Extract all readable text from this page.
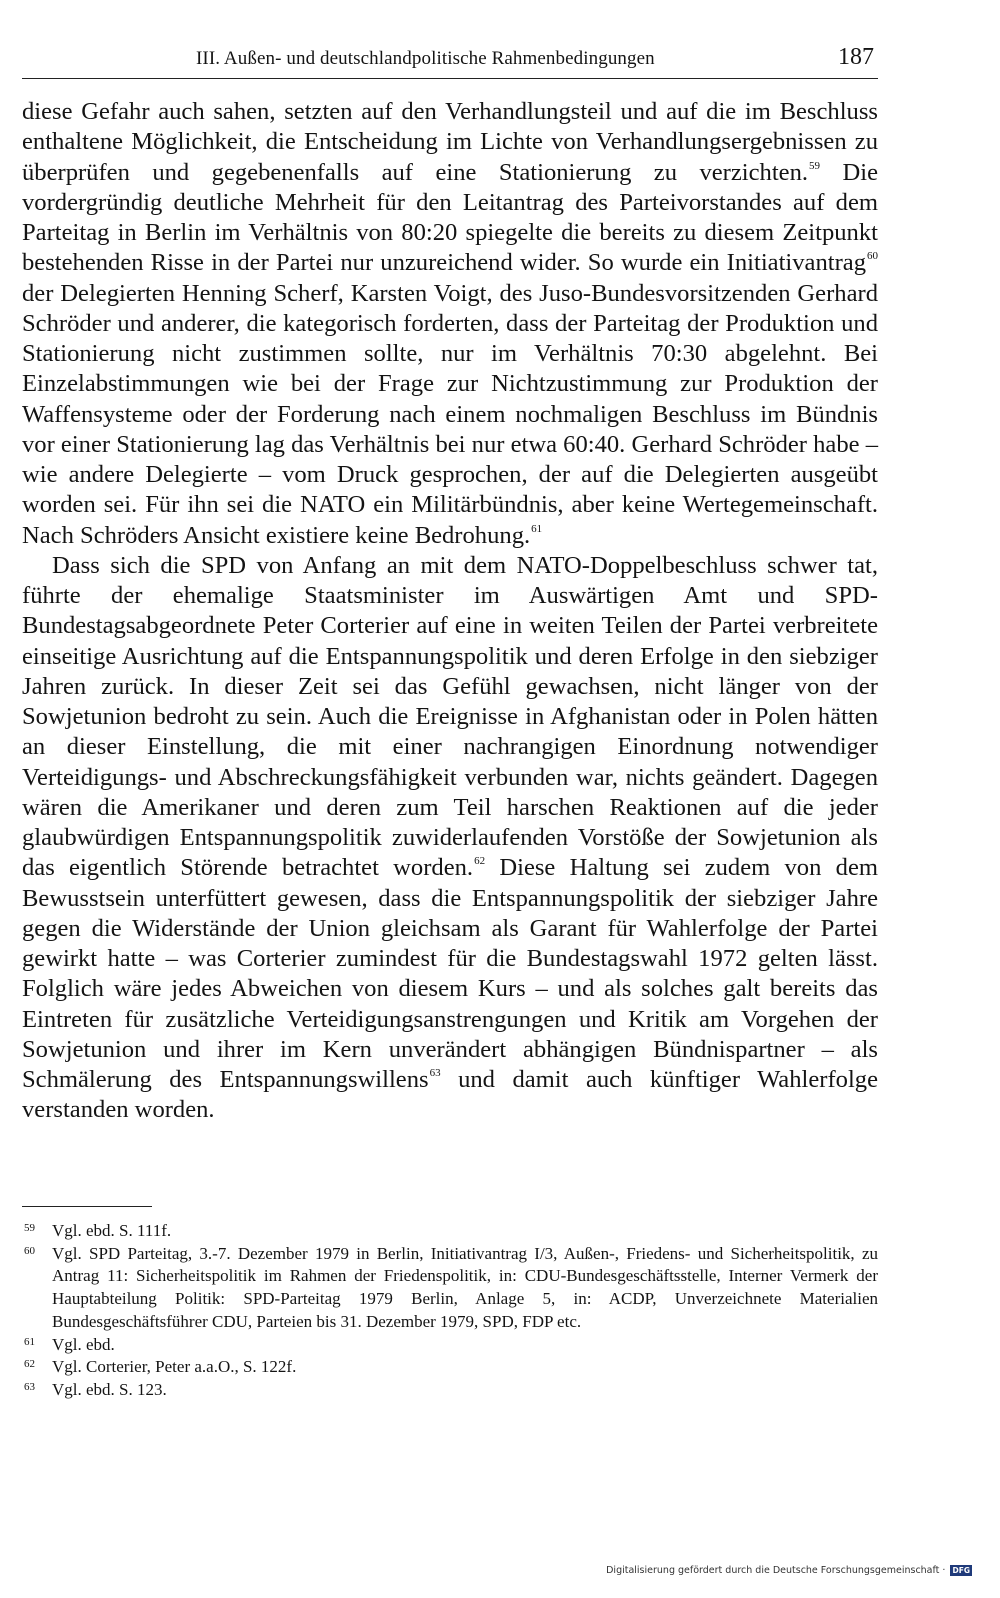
III. Außen- und deutschlandpolitische Rahmenbedingungen	187

diese Gefahr auch sahen, setzten auf den Verhandlungsteil und auf die im Beschluss enthaltene Möglichkeit, die Entscheidung im Lichte von Verhandlungsergebnissen zu überprüfen und gegebenenfalls auf eine Stationierung zu verzichten.$^{59}$ Die vordergründig deutliche Mehrheit für den Leitantrag des Parteivorstandes auf dem Parteitag in Berlin im Verhältnis von 80:20 spiegelte die bereits zu diesem Zeitpunkt bestehenden Risse in der Partei nur unzureichend wider. So wurde ein Initiativantrag$^{60}$ der Delegierten Henning Scherf, Karsten Voigt, des Juso-Bundesvorsitzenden Gerhard Schröder und anderer, die kategorisch forderten, dass der Parteitag der Produktion und Stationierung nicht zustimmen sollte, nur im Verhältnis 70:30 abgelehnt. Bei Einzelabstimmungen wie bei der Frage zur Nichtzustimmung zur Produktion der Waffensysteme oder der Forderung nach einem nochmaligen Beschluss im Bündnis vor einer Stationierung lag das Verhältnis bei nur etwa 60:40. Gerhard Schröder habe – wie andere Delegierte – vom Druck gesprochen, der auf die Delegierten ausgeübt worden sei. Für ihn sei die NATO ein Militärbündnis, aber keine Wertegemeinschaft. Nach Schröders Ansicht existiere keine Bedrohung.$^{61}$

Dass sich die SPD von Anfang an mit dem NATO-Doppelbeschluss schwer tat, führte der ehemalige Staatsminister im Auswärtigen Amt und SPD-Bundestagsabgeordnete Peter Corterier auf eine in weiten Teilen der Partei verbreitete einseitige Ausrichtung auf die Entspannungspolitik und deren Erfolge in den siebziger Jahren zurück. In dieser Zeit sei das Gefühl gewachsen, nicht länger von der Sowjetunion bedroht zu sein. Auch die Ereignisse in Afghanistan oder in Polen hätten an dieser Einstellung, die mit einer nachrangigen Einordnung notwendiger Verteidigungs- und Abschreckungsfähigkeit verbunden war, nichts geändert. Dagegen wären die Amerikaner und deren zum Teil harschen Reaktionen auf die jeder glaubwürdigen Entspannungspolitik zuwiderlaufenden Vorstöße der Sowjetunion als das eigentlich Störende betrachtet worden.$^{62}$ Diese Haltung sei zudem von dem Bewusstsein unterfüttert gewesen, dass die Entspannungspolitik der siebziger Jahre gegen die Widerstände der Union gleichsam als Garant für Wahlerfolge der Partei gewirkt hatte – was Corterier zumindest für die Bundestagswahl 1972 gelten lässt. Folglich wäre jedes Abweichen von diesem Kurs – und als solches galt bereits das Eintreten für zusätzliche Verteidigungsanstrengungen und Kritik am Vorgehen der Sowjetunion und ihrer im Kern unverändert abhängigen Bündnispartner – als Schmälerung des Entspannungswillens$^{63}$ und damit auch künftiger Wahlerfolge verstanden worden.

59 Vgl. ebd. S. 111f.
60 Vgl. SPD Parteitag, 3.-7. Dezember 1979 in Berlin, Initiativantrag I/3, Außen-, Friedens- und Sicherheitspolitik, zu Antrag 11: Sicherheitspolitik im Rahmen der Friedenspolitik, in: CDU-Bundesgeschäftsstelle, Interner Vermerk der Hauptabteilung Politik: SPD-Parteitag 1979 Berlin, Anlage 5, in: ACDP, Unverzeichnete Materialien Bundesgeschäftsführer CDU, Parteien bis 31. Dezember 1979, SPD, FDP etc.
61 Vgl. ebd.
62 Vgl. Corterier, Peter a.a.O., S. 122f.
63 Vgl. ebd. S. 123.
Digitalisierung gefördert durch die Deutsche Forschungsgemeinschaft · DFG
